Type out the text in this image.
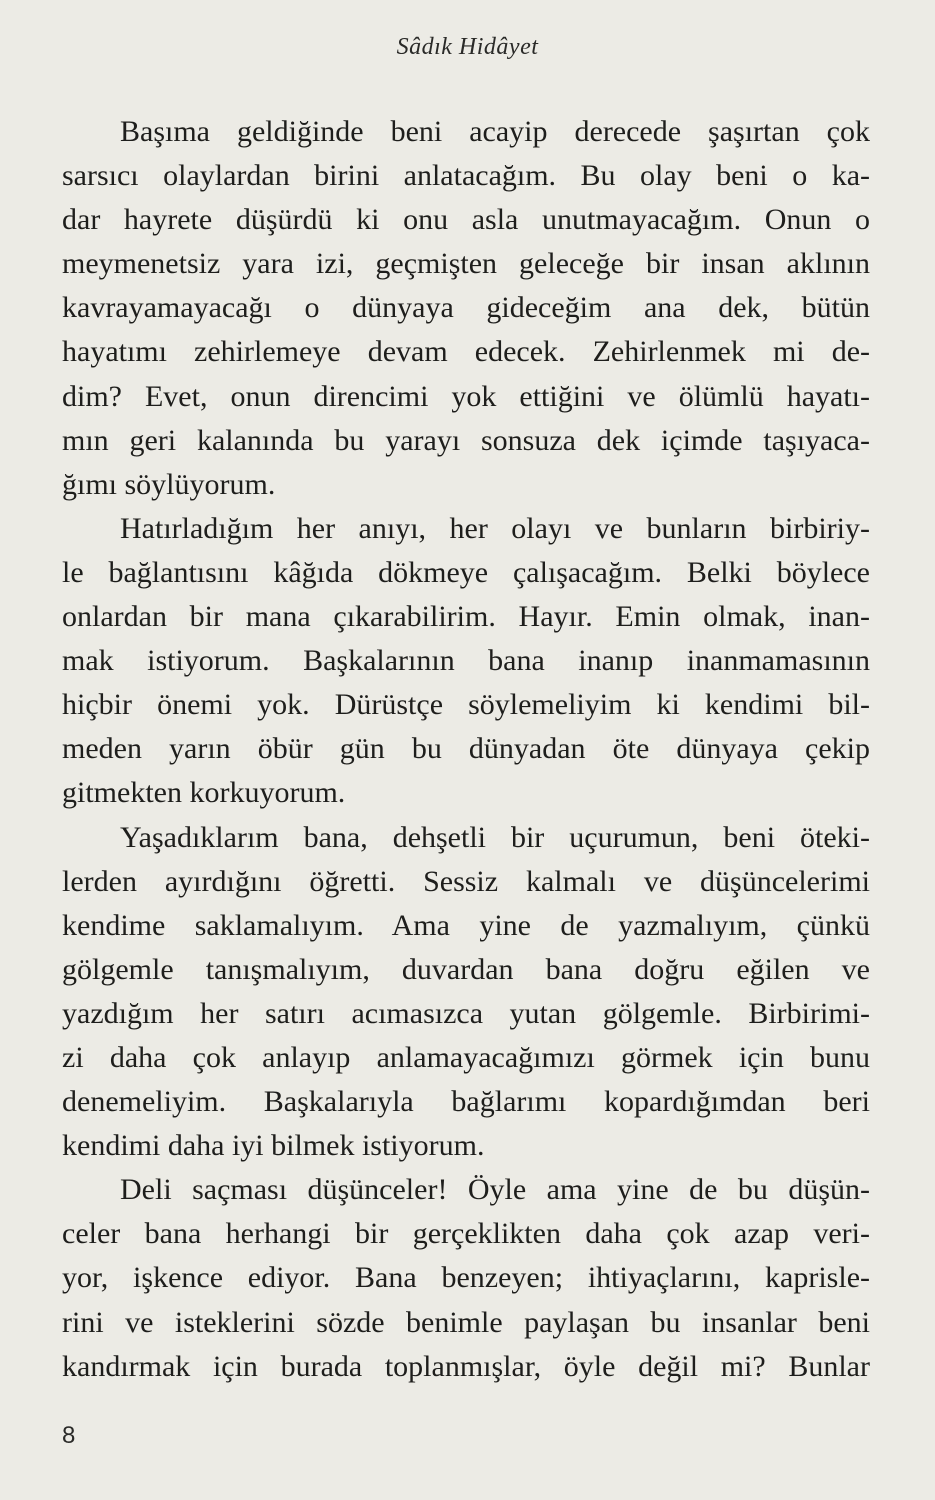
Sâdık Hidâyet
Başıma geldiğinde beni acayip derecede şaşırtan çok
sarsıcı olaylardan birini anlatacağım. Bu olay beni o ka-
dar hayrete düşürdü ki onu asla unutmayacağım. Onun o
meymenetsiz yara izi, geçmişten geleceğe bir insan aklının
kavrayamayacağı o dünyaya gideceğim ana dek, bütün
hayatımı zehirlemeye devam edecek. Zehirlenmek mi de-
dim? Evet, onun direncimi yok ettiğini ve ölümlü hayatı-
mın geri kalanında bu yarayı sonsuza dek içimde taşıyaca-
ğımı söylüyorum.
Hatırladığım her anıyı, her olayı ve bunların birbiriy-
le bağlantısını kâğıda dökmeye çalışacağım. Belki böylece
onlardan bir mana çıkarabilirim. Hayır. Emin olmak, inan-
mak istiyorum. Başkalarının bana inanıp inanmamasının
hiçbir önemi yok. Dürüstçe söylemeliyim ki kendimi bil-
meden yarın öbür gün bu dünyadan öte dünyaya çekip
gitmekten korkuyorum.
Yaşadıklarım bana, dehşetli bir uçurumun, beni öteki-
lerden ayırdığını öğretti. Sessiz kalmalı ve düşüncelerimi
kendime saklamalıyım. Ama yine de yazmalıyım, çünkü
gölgemle tanışmalıyım, duvardan bana doğru eğilen ve
yazdığım her satırı acımasızca yutan gölgemle. Birbirimi-
zi daha çok anlayıp anlamayacağımızı görmek için bunu
denemeliyim. Başkalarıyla bağlarımı kopardığımdan beri
kendimi daha iyi bilmek istiyorum.
Deli saçması düşünceler! Öyle ama yine de bu düşün-
celer bana herhangi bir gerçeklikten daha çok azap veri-
yor, işkence ediyor. Bana benzeyen; ihtiyaçlarını, kaprisle-
rini ve isteklerini sözde benimle paylaşan bu insanlar beni
kandırmak için burada toplanmışlar, öyle değil mi? Bunlar
8
